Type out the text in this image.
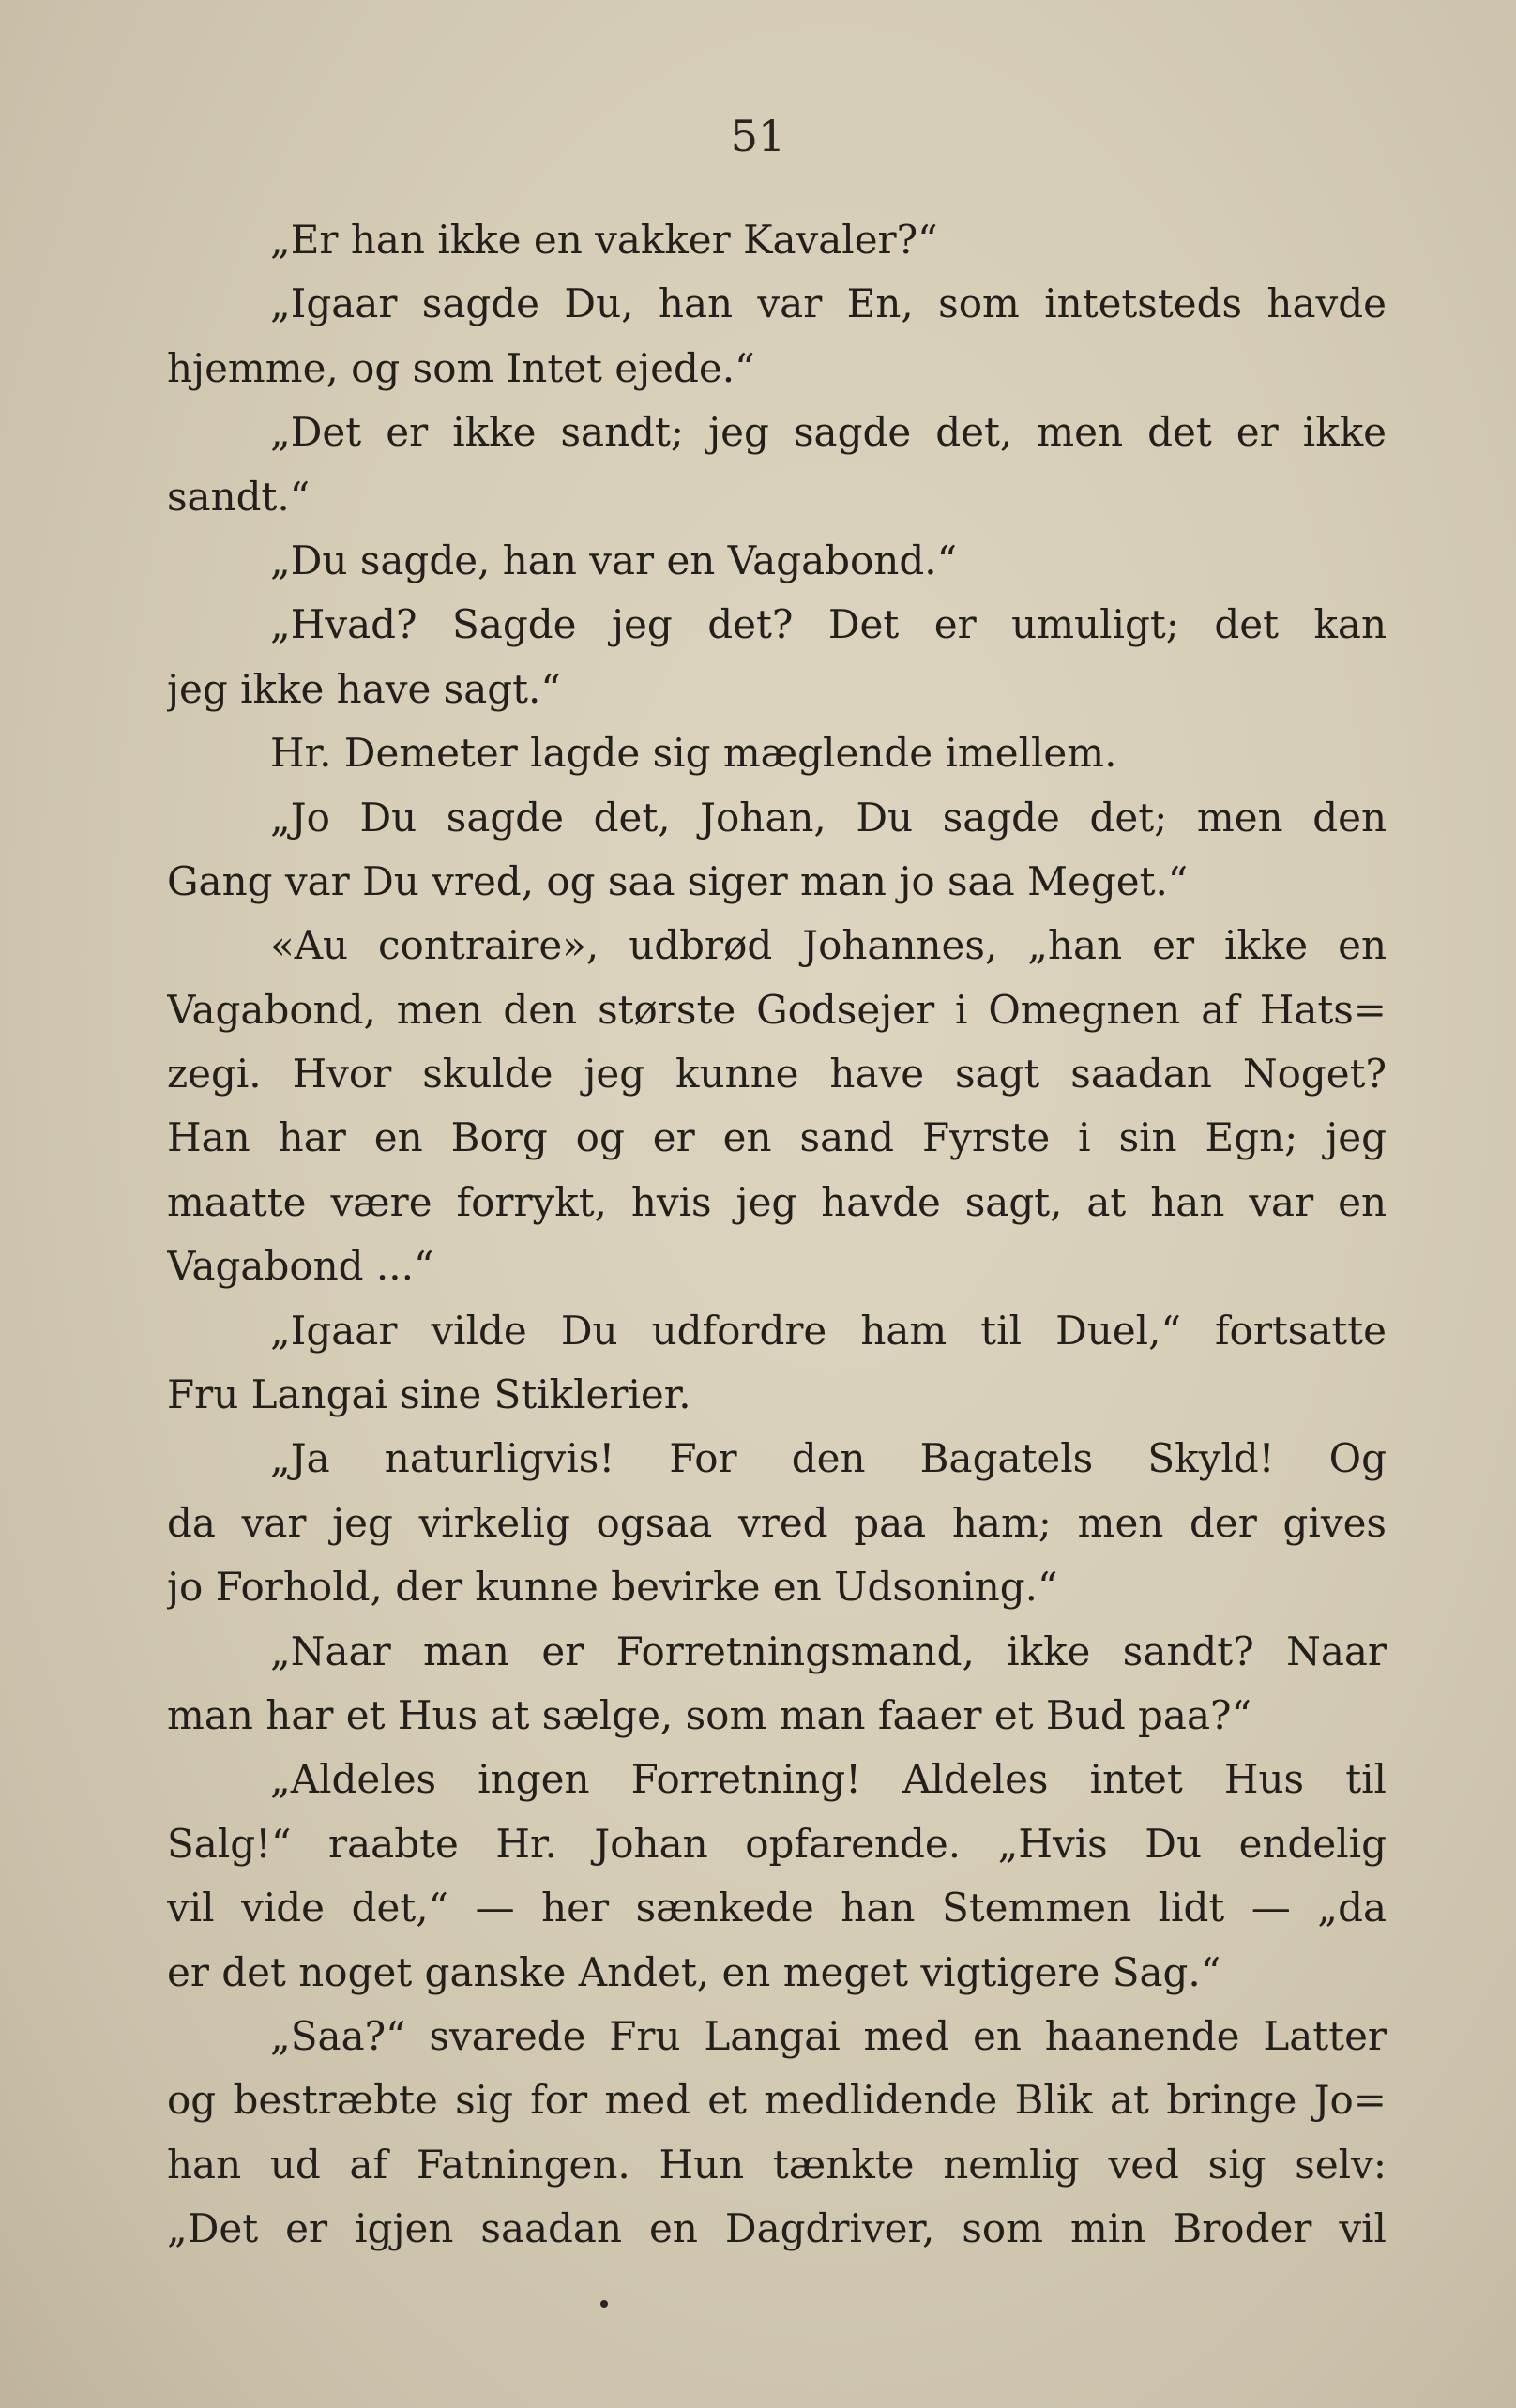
51
„Er han ikke en vakker Kavaler?“
„Igaar sagde Du, han var En, som intetsteds havde
hjemme, og som Intet ejede.“
„Det er ikke sandt; jeg sagde det, men det er ikke
sandt.“
„Du sagde, han var en Vagabond.“
„Hvad? Sagde jeg det? Det er umuligt; det kan
jeg ikke have sagt.“
Hr. Demeter lagde sig mæglende imellem.
„Jo Du sagde det, Johan, Du sagde det; men den
Gang var Du vred, og saa siger man jo saa Meget.“
«Au contraire», udbrød Johannes, „han er ikke en
Vagabond, men den største Godsejer i Omegnen af Hats=
zegi. Hvor skulde jeg kunne have sagt saadan Noget?
Han har en Borg og er en sand Fyrste i sin Egn; jeg
maatte være forrykt, hvis jeg havde sagt, at han var en
Vagabond ...“
„Igaar vilde Du udfordre ham til Duel,“ fortsatte
Fru Langai sine Stiklerier.
„Ja naturligvis! For den Bagatels Skyld! Og
da var jeg virkelig ogsaa vred paa ham; men der gives
jo Forhold, der kunne bevirke en Udsoning.“
„Naar man er Forretningsmand, ikke sandt? Naar
man har et Hus at sælge, som man faaer et Bud paa?“
„Aldeles ingen Forretning! Aldeles intet Hus til
Salg!“ raabte Hr. Johan opfarende. „Hvis Du endelig
vil vide det,“ — her sænkede han Stemmen lidt — „da
er det noget ganske Andet, en meget vigtigere Sag.“
„Saa?“ svarede Fru Langai med en haanende Latter
og bestræbte sig for med et medlidende Blik at bringe Jo=
han ud af Fatningen. Hun tænkte nemlig ved sig selv:
„Det er igjen saadan en Dagdriver, som min Broder vil
